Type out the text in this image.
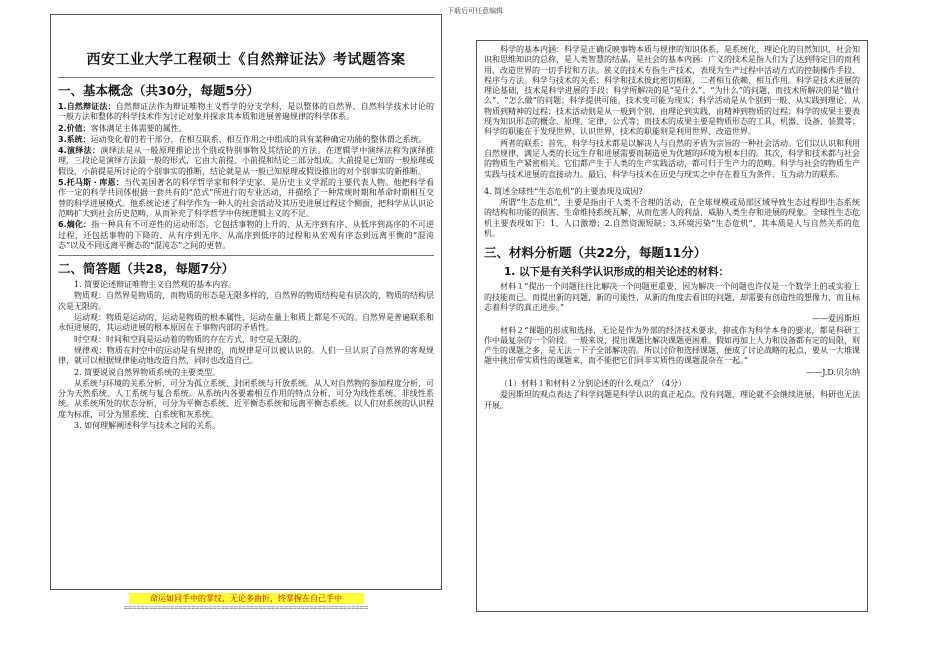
下载后可任意编辑
西安工业大学工程硕士《自然辩证法》考试题答案
一、基本概念（共30分，每题5分）

1.自然辩证法：自然辩证法作为辩证唯物主义哲学的分支学科，是以整体的自然界、自然科学技术讨论的一般方法和整体的科学技术作为讨论对象并探求其本质和进展普遍规律的科学体系。

2.价值：客体满足主体需要的属性。

3.系统：运动变化着的若干部分，在相互联系、相互作用之中组成的具有某种确定功能的整体谓之系统。

4.演绎法：演绎法是从一般原理推论出个别或特别事物及其结论的方法。在逻辑学中演绎法称为演绎推理，三段论是演绎方法最一般的形式，它由大前提、小前提和结论三部分组成。大前提是已知的一般原理或假设，小前提是所讨论的个别事实的推断，结论就是从一般已知原理或假设推出的对个别事实的新推断。

5.托马斯・库恩：当代美国著名的科学哲学家和科学史家，是历史主义学派的主要代表人物。他把科学看作一定的科学共同体根据一套共有的“范式”所进行的专业活动，并描绘了一种常规时期和革命时期相互交替的科学进展模式。他系统论述了科学作为一种人的社会活动及其历史进展过程这个侧面，把科学从认识论范畴扩大到社会历史范畴，从而补充了科学哲学中传统逻辑主义的不足。

6.熵化：指一种具有不可逆性的运动形态。它包括事物的上升的、从无序到有序、从低序到高序的不可逆过程，还包括事物的下降的、从有序到无序、从高序到低序的过程和从宏观有序态到远离平衡的“混沌态”以及不同远离平衡态的“混沌态”之间的更替。

二、简答题（共28，每题7分）

1. 简要论述辩证唯物主义自然观的基本内容。

物质观：自然界是物质的，而物质的形态是无限多样的，自然界的物质结构是有层次的，物质的结构层次是无限的。

运动观：物质是运动的，运动是物质的根本属性，运动在量上和质上都是不灭的。自然界是普遍联系和永恒进展的，其运动进展的根本原因在于事物内部的矛盾性。

时空观：时间和空间是运动着的物质的存在方式，时空是无限的。

规律观：物质在时空中的运动是有规律的，而规律是可以被认识的。人们一旦认识了自然界的客观规律，就可以根据规律能动地改造自然，同时也改造自己。

2. 简要说说自然界物质系统的主要类型。

从系统与环境的关系分析，可分为孤立系统、封闭系统与开放系统。从人对自然物的参加程度分析，可分为天然系统、人工系统与复合系统。从系统内各要素相互作用的特点分析，可分为线性系统、非线性系统。从系统所处的状态分析，可分为平衡态系统、近平衡态系统和远离平衡态系统。以人们对系统的认识程度为标准，可分为黑系统、白系统和灰系统。

3. 如何理解阐述科学与技术之间的关系。

命运如同手中的掌纹，无论多曲折，终掌握在自己手中
==========================================================

科学的基本内涵：科学是正确反映事物本质与规律的知识体系，是系统化、理论化的自然知识、社会知识和思维知识的总称，是人类智慧的结晶，是社会的基本内涵：广义的技术是指人们为了达到特定目的而利用、改造世界的一切手段和方法。狭义的技术专指生产技术，表现为生产过程中活动方式的控制操作手段、程序与方法。科学与技术的关系：科学和技术彼此密切相联，二者相互依赖、相互作用。科学是技术进展的理论基础，技术是科学进展的手段；科学所解决的是“是什么”、“为什么”的问题，而技术所解决的是“做什么”、“怎么做”的问题；科学提供可能，技术变可能为现实；科学活动是从个别到一般、从实践到理论、从物质到精神的过程；技术活动则是从一般到个别、由理论到实践、由精神到物质的过程；科学的成果主要表现为知识形态的概念、原理、定律、公式等；而技术的成果主要是物质形态的工具、机器、设备、装置等；科学的职能在于发现世界、认识世界，技术的职能则是利用世界、改造世界。

两者的联系：首先，科学与技术都是以解决人与自然的矛盾为宗旨的一种社会活动。它们以认识和利用自然规律、满足人类的长远生存和进展需要而制造更为优越的环境为根本目的。其次，科学和技术都与社会的物质生产紧密相关。它们都产生于人类的生产实践活动，都可归于生产力的范畴。科学与社会的物质生产实践与技术进展的直接动力。最后，科学与技术在历史与现实之中存在着互为条件、互为动力的联系。

4. 简述全球性“生态危机”的主要表现及成因?

所谓“生态危机”，主要是指由于人类不合理的活动，在全球规模或局部区域导致生态过程即生态系统的结构和功能的损害、生命维持系统瓦解，从而危害人的利益、威胁人类生存和进展的现象。全球性生态危机主要表现如下：1、人口激增；2.自然资源短缺；3.环境污染“生态危机”，其本质是人与自然关系的危机。

三、材料分析题（共22分，每题11分）
1. 以下是有关科学认识形成的相关论述的材料：

材料１“提出一个问题往往比解决一个问题更重要，因为解决一个问题也许仅是一个数学上的或实验上的技能而已。而提出新的问题，新的可能性，从新的角度去看旧的问题，却需要有创造性的想像力，而且标志着科学的真正进步。”

——爱因斯坦

材料２“课题的形成和选择，无论是作为外部的经济技术要求，抑或作为科学本身的要求，都是科研工作中最复杂的一个阶段。一般来说，提出课题比解决课题更困难。假如再加上人力和设备都有定的局限，则产生的课题之多，是无法一下子全部解决的。所以讨价和选择课题，便成了讨论战略的起点，要从一大堆课题中挑出带实质性的课题来，而不能把它们同非实质性的课题混杂在一起。”

——J.D.贝尔纳

（1）材料１和材料２分别论述的什么观点？（4分）

爱因斯坦的观点表达了科学问题是科学认识的真正起点。没有问题，理论就不会继续进展，科研也无法开展。
